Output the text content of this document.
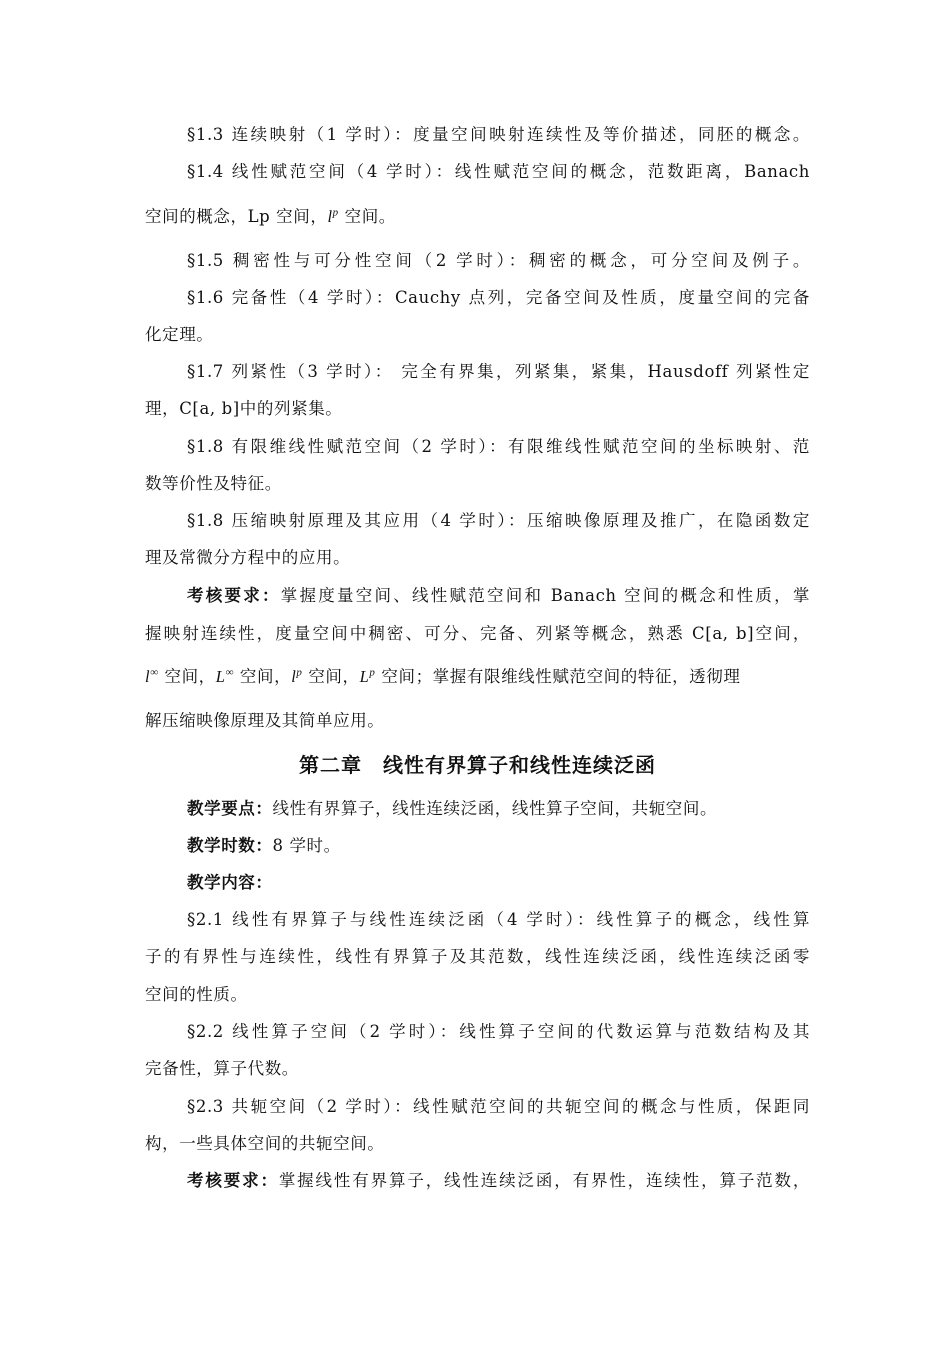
§1.3 连续映射（1 学时）：度量空间映射连续性及等价描述，同胚的概念。
§1.4 线性赋范空间（4 学时）：线性赋范空间的概念，范数距离，Banach
空间的概念，Lp 空间，$l^p$ 空间。
§1.5 稠密性与可分性空间（2 学时）：稠密的概念，可分空间及例子。
§1.6 完备性（4 学时）：Cauchy 点列，完备空间及性质，度量空间的完备
化定理。
§1.7 列紧性（3 学时）： 完全有界集，列紧集，紧集，Hausdoff 列紧性定
理，C[a, b]中的列紧集。
§1.8 有限维线性赋范空间（2 学时）：有限维线性赋范空间的坐标映射、范
数等价性及特征。
§1.8 压缩映射原理及其应用（4 学时）：压缩映像原理及推广，在隐函数定
理及常微分方程中的应用。
考核要求：掌握度量空间、线性赋范空间和 Banach 空间的概念和性质，掌
握映射连续性，度量空间中稠密、可分、完备、列紧等概念，熟悉 C[a, b]空间，
l∞ 空间，L∞ 空间，$l^p$ 空间，$L^p$ 空间；掌握有限维线性赋范空间的特征，透彻理
解压缩映像原理及其简单应用。
第二章　线性有界算子和线性连续泛函
教学要点：线性有界算子，线性连续泛函，线性算子空间，共轭空间。
教学时数：8 学时。
教学内容：
§2.1 线性有界算子与线性连续泛函（4 学时）：线性算子的概念，线性算
子的有界性与连续性，线性有界算子及其范数，线性连续泛函，线性连续泛函零
空间的性质。
§2.2 线性算子空间（2 学时）：线性算子空间的代数运算与范数结构及其
完备性，算子代数。
§2.3 共轭空间（2 学时）：线性赋范空间的共轭空间的概念与性质，保距同
构，一些具体空间的共轭空间。
考核要求：掌握线性有界算子，线性连续泛函，有界性，连续性，算子范数，
